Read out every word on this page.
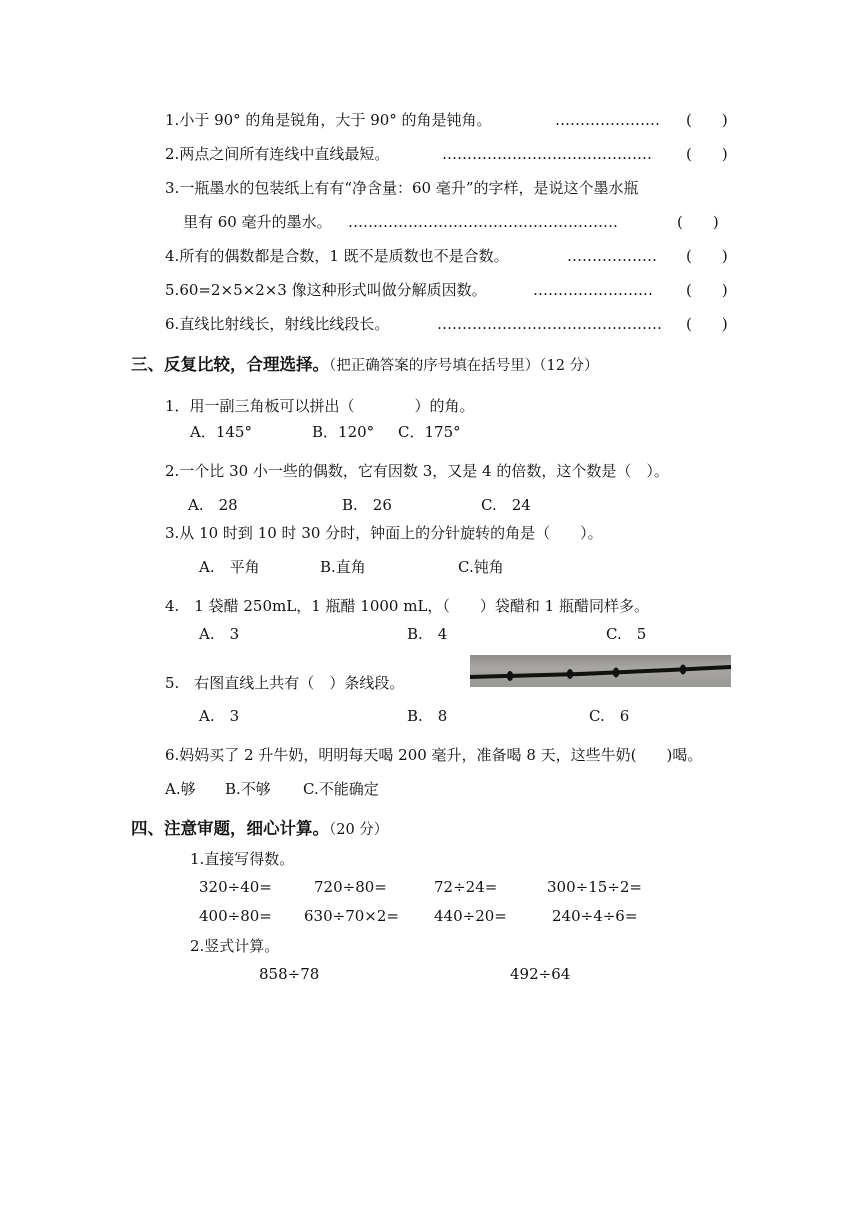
1.小于 90° 的角是锐角，大于 90° 的角是钝角。	………………… (　　)
2.两点之间所有连线中直线最短。	…………………………………… (　　)
3.一瓶墨水的包装纸上有有“净含量：60 毫升”的字样，是说这个墨水瓶
里有 60 毫升的墨水。 ………………………………………………	(　　)
4.所有的偶数都是合数，1 既不是质数也不是合数。	……………… (　　)
5.60=2×5×2×3 像这种形式叫做分解质因数。	…………………… (　　)
6.直线比射线长，射线比线段长。	……………………………………… (　　)
三、反复比较，合理选择。（把正确答案的序号填在括号里）（12 分）
1．用一副三角板可以拼出（　　　　）的角。
A．145°	B．120° C．175°
2.一个比 30 小一些的偶数，它有因数 3，又是 4 的倍数，这个数是（　）。
A.　28	B.　26	C.　24
3.从 10 时到 10 时 30 分时，钟面上的分针旋转的角是（　　）。
A.　平角	B.直角	C.钝角
4.　1 袋醋 250mL，1 瓶醋 1000 mL，（　　）袋醋和 1 瓶醋同样多。
A.　3	B.　4	C.　5
5.　右图直线上共有（　）条线段。
A.　3	B.　8	C.　6
6.妈妈买了 2 升牛奶，明明每天喝 200 毫升，准备喝 8 天，这些牛奶(　　)喝。
A.够 B.不够 C.不能确定
四、注意审题，细心计算。（20 分）
1.直接写得数。
320÷40=	720÷80=	72÷24=	300÷15÷2=
400÷80= 630÷70×2= 440÷20=	240÷4÷6=
2.竖式计算。
858÷78	492÷64
